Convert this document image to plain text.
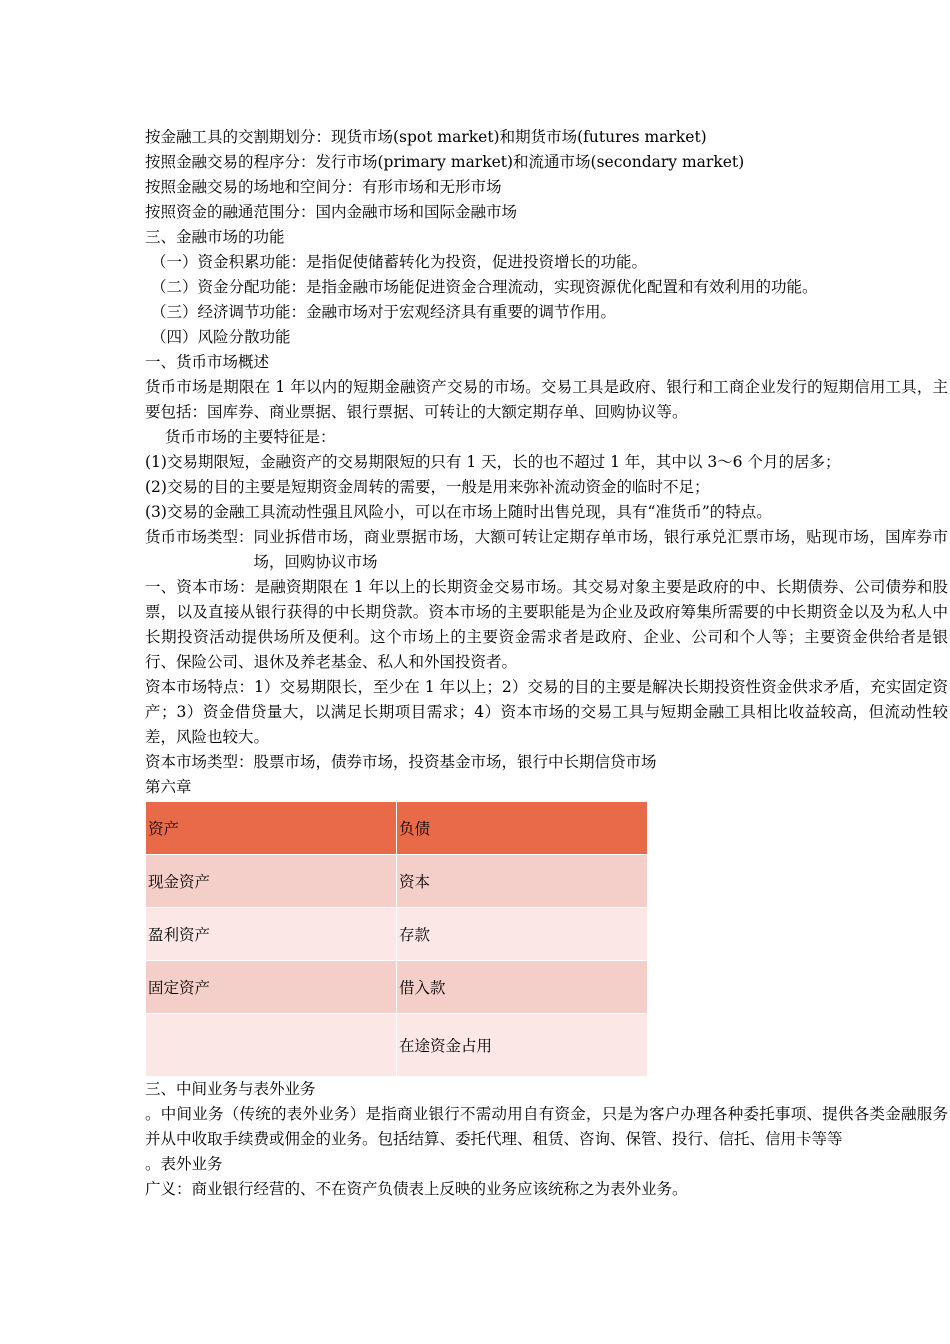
按金融工具的交割期划分：现货市场(spot market)和期货市场(futures market)
按照金融交易的程序分：发行市场(primary market)和流通市场(secondary market)
按照金融交易的场地和空间分：有形市场和无形市场
按照资金的融通范围分：国内金融市场和国际金融市场
三、金融市场的功能
（一）资金积累功能：是指促使储蓄转化为投资，促进投资增长的功能。
（二）资金分配功能：是指金融市场能促进资金合理流动，实现资源优化配置和有效利用的功能。
（三）经济调节功能：金融市场对于宏观经济具有重要的调节作用。
（四）风险分散功能
一、货币市场概述
货币市场是期限在 1 年以内的短期金融资产交易的市场。交易工具是政府、银行和工商企业发行的短期信用工具，主要包括：国库券、商业票据、银行票据、可转让的大额定期存单、回购协议等。
货币市场的主要特征是：
(1)交易期限短，金融资产的交易期限短的只有 1 天，长的也不超过 1 年，其中以 3～6 个月的居多；
(2)交易的目的主要是短期资金周转的需要，一般是用来弥补流动资金的临时不足；
(3)交易的金融工具流动性强且风险小，可以在市场上随时出售兑现，具有“准货币”的特点。
货币市场类型： 同业拆借市场，商业票据市场，大额可转让定期存单市场，银行承兑汇票市场，贴现市场，国库券市场，回购协议市场
一、资本市场：是融资期限在 1 年以上的长期资金交易市场。其交易对象主要是政府的中、长期债券、公司债券和股票，以及直接从银行获得的中长期贷款。资本市场的主要职能是为企业及政府筹集所需要的中长期资金以及为私人中长期投资活动提供场所及便利。这个市场上的主要资金需求者是政府、企业、公司和个人等；主要资金供给者是银行、保险公司、退休及养老基金、私人和外国投资者。
资本市场特点：1）交易期限长，至少在 1 年以上；2）交易的目的主要是解决长期投资性资金供求矛盾，充实固定资产；3）资金借贷量大，以满足长期项目需求；4）资本市场的交易工具与短期金融工具相比收益较高，但流动性较差，风险也较大。
资本市场类型：股票市场，债券市场，投资基金市场，银行中长期信贷市场
第六章
资产	负债
现金资产	资本
盈利资产	存款
固定资产	借入款
	在途资金占用
三、中间业务与表外业务
。中间业务（传统的表外业务）是指商业银行不需动用自有资金，只是为客户办理各种委托事项、提供各类金融服务并从中收取手续费或佣金的业务。包括结算、委托代理、租赁、咨询、保管、投行、信托、信用卡等等
。表外业务
广义：商业银行经营的、不在资产负债表上反映的业务应该统称之为表外业务。
